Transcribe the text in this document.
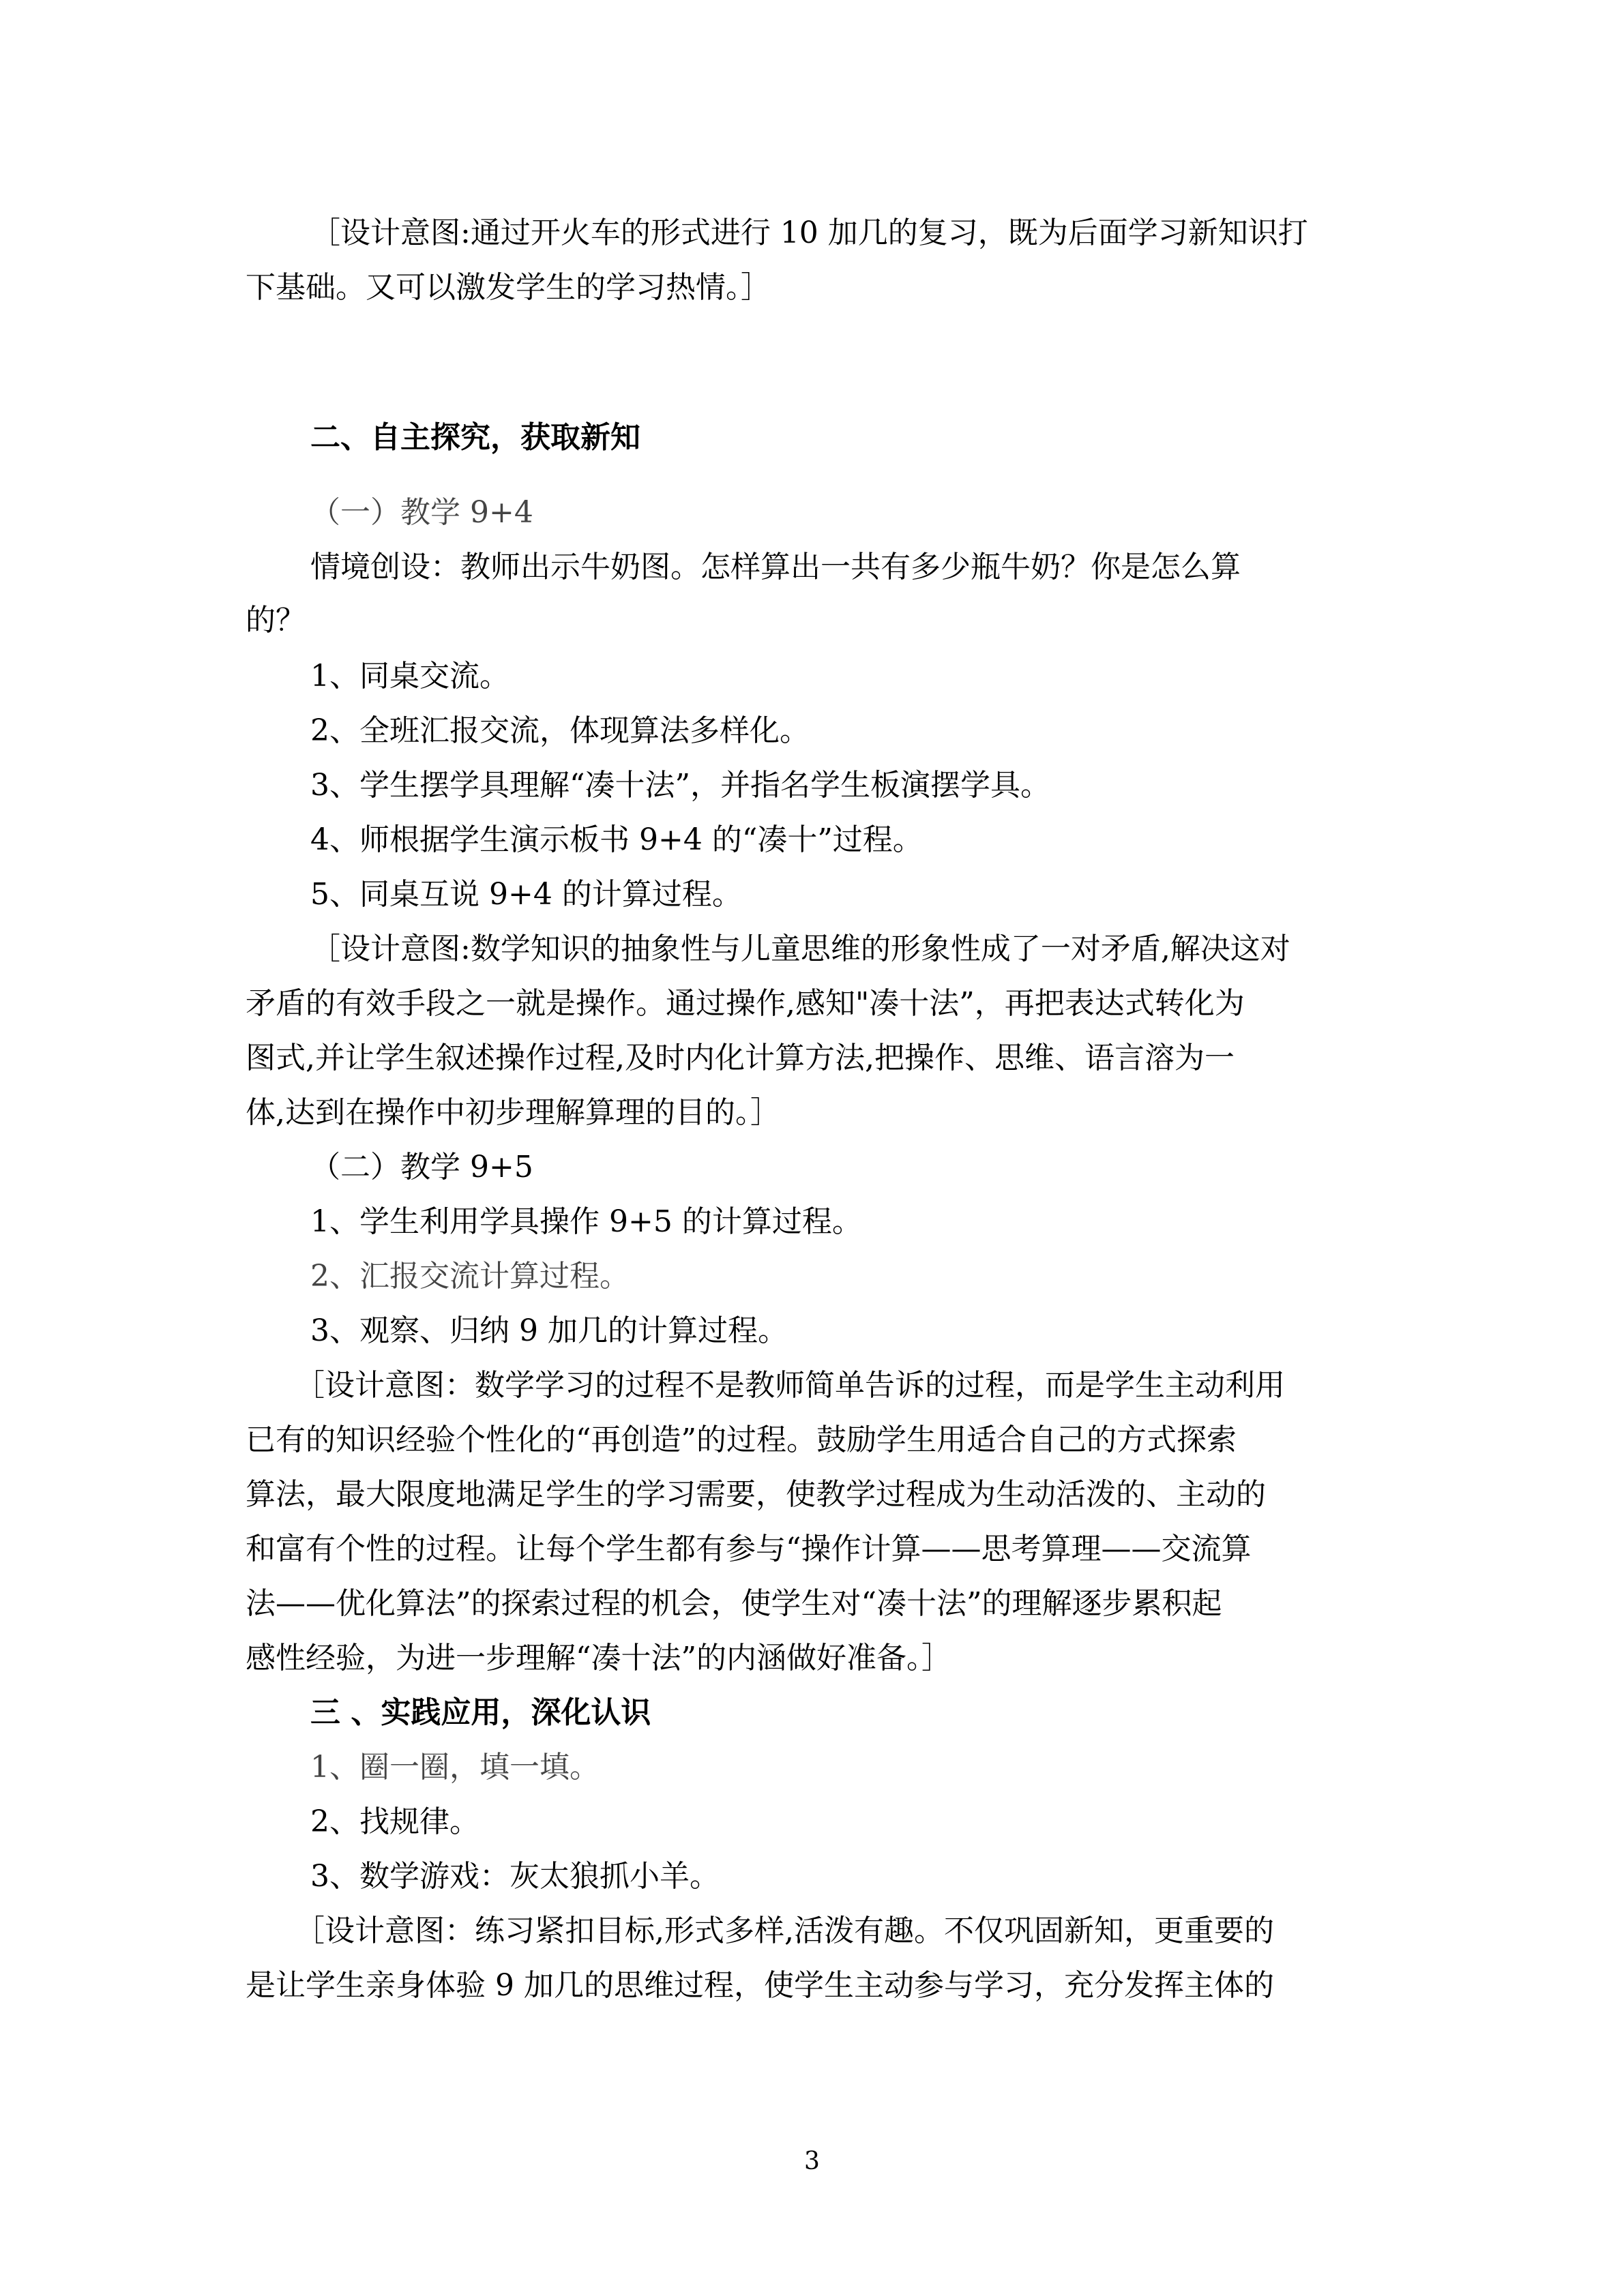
［设计意图:通过开火车的形式进行 10 加几的复习，既为后面学习新知识打
下基础。又可以激发学生的学习热情。］
二、自主探究，获取新知
（一）教学 9+4
情境创设：教师出示牛奶图。怎样算出一共有多少瓶牛奶？你是怎么算
的？
1、同桌交流。
2、全班汇报交流，体现算法多样化。
3、学生摆学具理解“凑十法”，并指名学生板演摆学具。
4、师根据学生演示板书 9+4 的“凑十”过程。
5、同桌互说 9+4 的计算过程。
［设计意图:数学知识的抽象性与儿童思维的形象性成了一对矛盾,解决这对
矛盾的有效手段之一就是操作。通过操作,感知"凑十法”，再把表达式转化为
图式,并让学生叙述操作过程,及时内化计算方法,把操作、思维、语言溶为一
体,达到在操作中初步理解算理的目的。］
（二）教学 9+5
1、学生利用学具操作 9+5 的计算过程。
2、汇报交流计算过程。
3、观察、归纳 9 加几的计算过程。
［设计意图：数学学习的过程不是教师简单告诉的过程，而是学生主动利用
已有的知识经验个性化的“再创造”的过程。鼓励学生用适合自己的方式探索
算法，最大限度地满足学生的学习需要，使教学过程成为生动活泼的、主动的
和富有个性的过程。让每个学生都有参与“操作计算——思考算理——交流算
法——优化算法”的探索过程的机会，使学生对“凑十法”的理解逐步累积起
感性经验，为进一步理解“凑十法”的内涵做好准备。］
三 、实践应用，深化认识
1、圈一圈，填一填。
2、找规律。
3、数学游戏：灰太狼抓小羊。
［设计意图：练习紧扣目标,形式多样,活泼有趣。不仅巩固新知，更重要的
是让学生亲身体验 9 加几的思维过程，使学生主动参与学习，充分发挥主体的
3
